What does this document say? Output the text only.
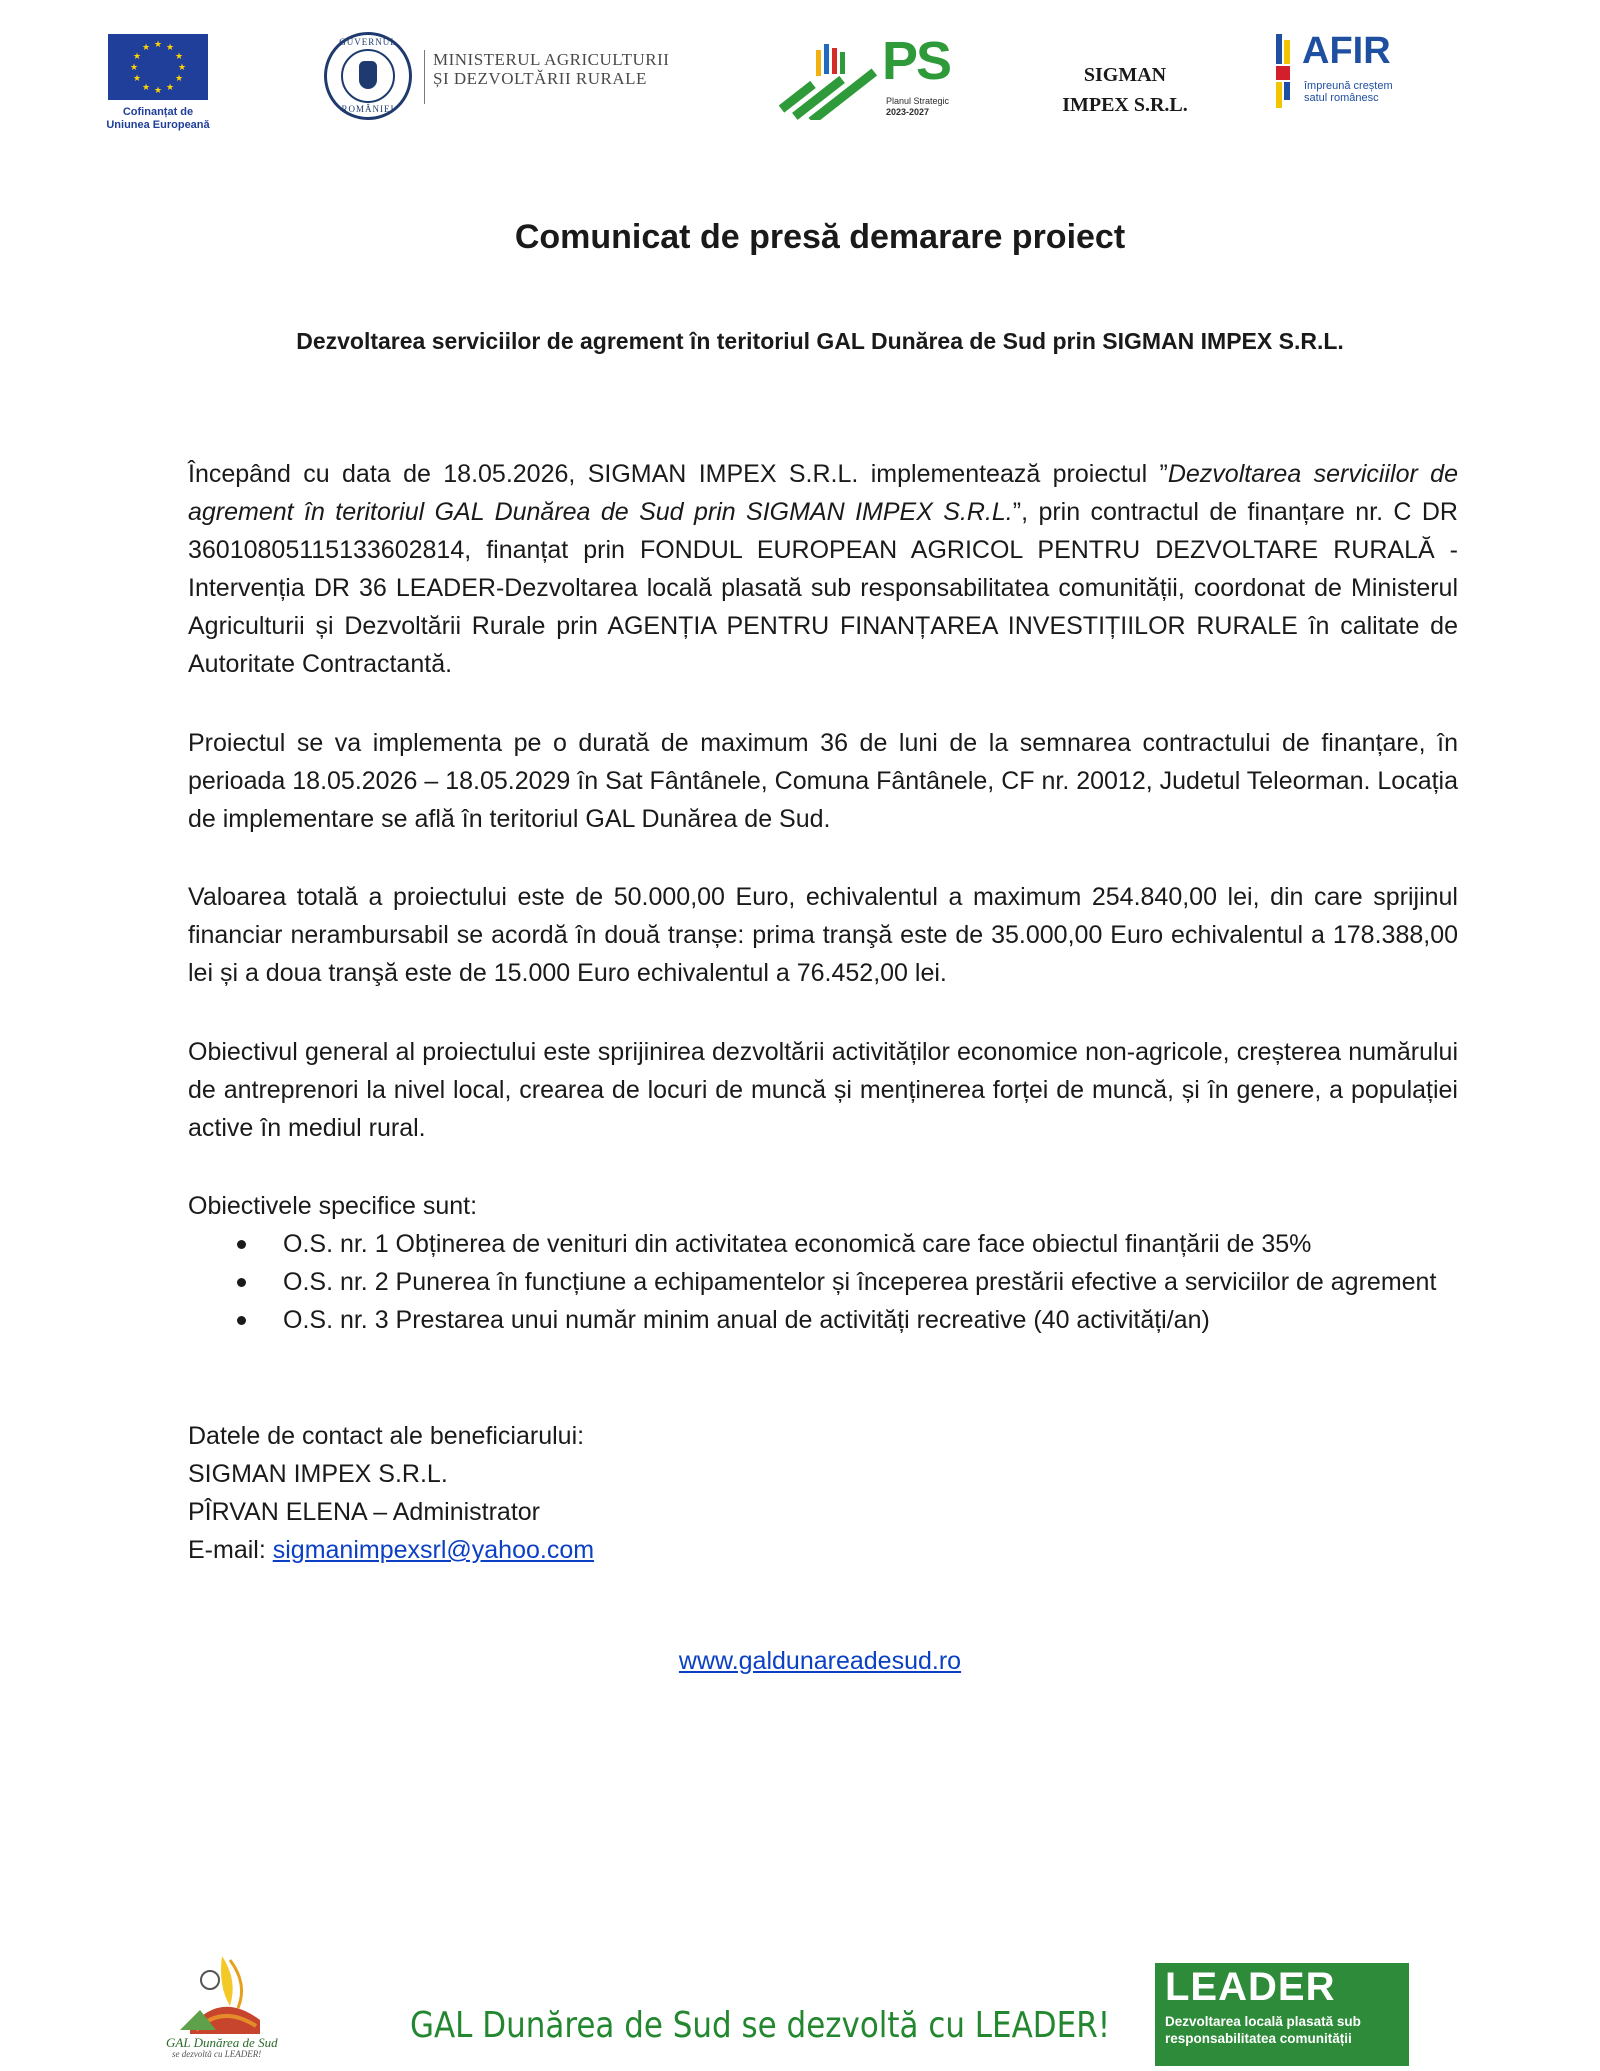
★ ★
★
★
★
★
★
★
★
★
★
★
Cofinanțat de Uniunea Europeană
GUVERNUL
ROMÂNIEI
MINISTERUL AGRICULTURII
ȘI DEZVOLTĂRII RURALE	PS
Planul Strategic
2023-2027
SIGMAN
IMPEX S.R.L.
AFIR
împreună creștem
satul românesc
Comunicat de presă demarare proiect
Dezvoltarea serviciilor de agrement în teritoriul GAL Dunărea de Sud prin SIGMAN IMPEX S.R.L.
Începând cu data de 18.05.2026, SIGMAN IMPEX S.R.L. implementează proiectul ”Dezvoltarea serviciilor de agrement în teritoriul GAL Dunărea de Sud prin SIGMAN IMPEX S.R.L.”, prin contractul de finanțare nr. C DR 36010805115133602814, finanțat prin FONDUL EUROPEAN AGRICOL PENTRU DEZVOLTARE RURALĂ - Intervenția DR 36 LEADER-Dezvoltarea locală plasată sub responsabilitatea comunității, coordonat de Ministerul Agriculturii și Dezvoltării Rurale prin AGENȚIA PENTRU FINANȚAREA INVESTIȚIILOR RURALE în calitate de Autoritate Contractantă.
Proiectul se va implementa pe o durată de maximum 36 de luni de la semnarea contractului de finanțare, în perioada 18.05.2026 – 18.05.2029 în Sat Fântânele, Comuna Fântânele, CF nr. 20012, Judetul Teleorman. Locația de implementare se află în teritoriul GAL Dunărea de Sud.
Valoarea totală a proiectului este de 50.000,00 Euro, echivalentul a maximum 254.840,00 lei, din care sprijinul financiar nerambursabil se acordă în două tranșe: prima tranşă este de 35.000,00 Euro echivalentul a 178.388,00 lei și a doua tranşă este de 15.000 Euro echivalentul a 76.452,00 lei.
Obiectivul general al proiectului este sprijinirea dezvoltării activităților economice non-agricole, creșterea numărului de antreprenori la nivel local, crearea de locuri de muncă și menținerea forței de muncă, și în genere, a populației active în mediul rural.
Obiectivele specifice sunt:
O.S. nr. 1 Obținerea de venituri din activitatea economică care face obiectul finanțării de 35%
O.S. nr. 2 Punerea în funcțiune a echipamentelor și începerea prestării efective a serviciilor de agrement
O.S. nr. 3 Prestarea unui număr minim anual de activități recreative (40 activități/an)
Datele de contact ale beneficiarului:
SIGMAN IMPEX S.R.L.
PÎRVAN ELENA – Administrator
E-mail: sigmanimpexsrl@yahoo.com
www.galdunareadesud.ro
GAL Dunărea de Sud
se dezvoltă cu LEADER!
GAL Dunărea de Sud se dezvoltă cu LEADER!
LEADER
Dezvoltarea locală plasată sub responsabilitatea comunității
